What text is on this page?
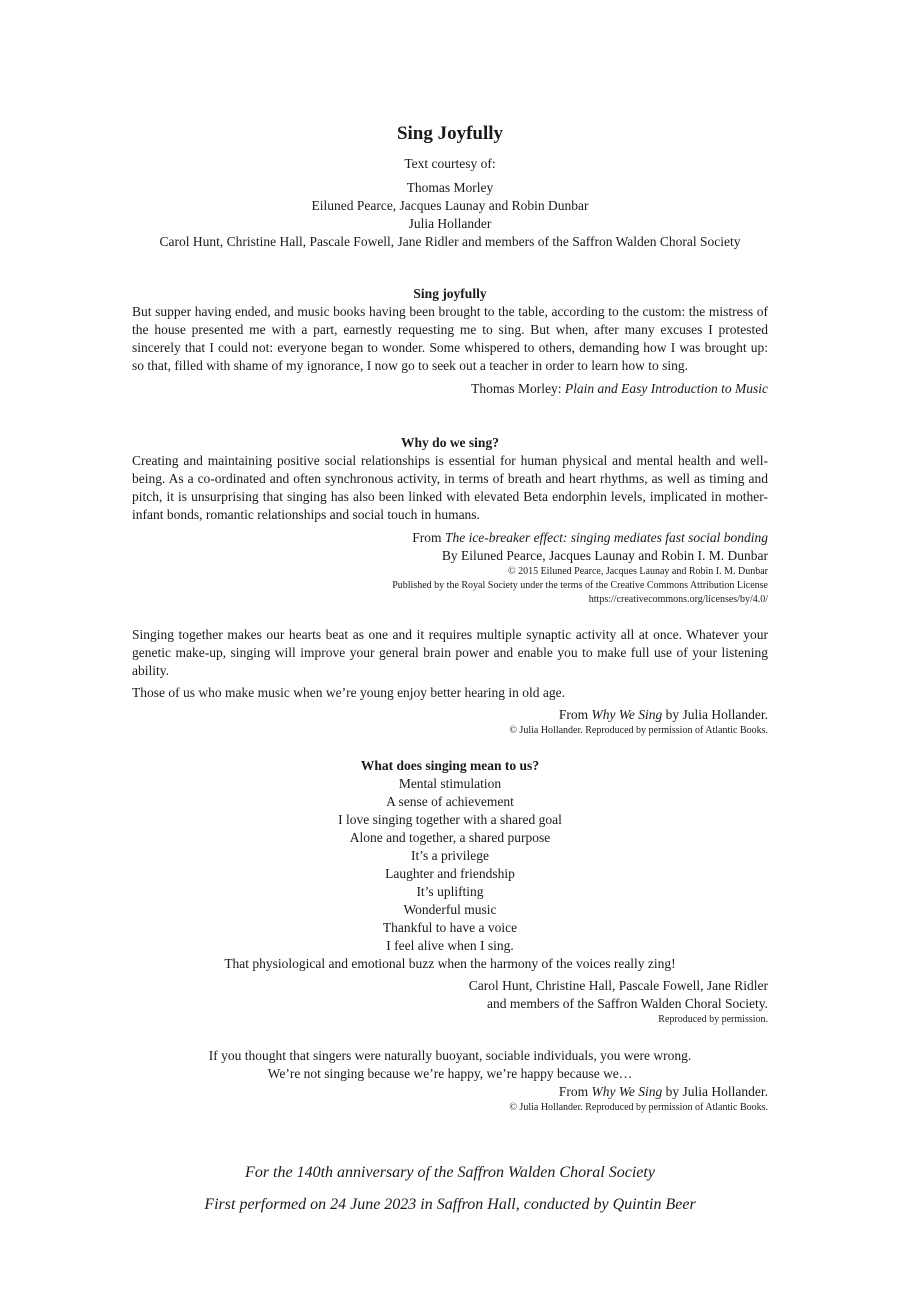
Sing Joyfully
Text courtesy of:
Thomas Morley
Eiluned Pearce, Jacques Launay and Robin Dunbar
Julia Hollander
Carol Hunt, Christine Hall, Pascale Fowell, Jane Ridler and members of the Saffron Walden Choral Society
Sing joyfully

But supper having ended, and music books having been brought to the table, according to the custom: the mistress of the house presented me with a part, earnestly requesting me to sing. But when, after many excuses I protested sincerely that I could not: everyone began to wonder. Some whispered to others, demanding how I was brought up: so that, filled with shame of my ignorance, I now go to seek out a teacher in order to learn how to sing.

Thomas Morley: Plain and Easy Introduction to Music
Why do we sing?

Creating and maintaining positive social relationships is essential for human physical and mental health and well-being. As a co-ordinated and often synchronous activity, in terms of breath and heart rhythms, as well as timing and pitch, it is unsurprising that singing has also been linked with elevated Beta endorphin levels, implicated in mother-infant bonds, romantic relationships and social touch in humans.

From The ice-breaker effect: singing mediates fast social bonding
By Eiluned Pearce, Jacques Launay and Robin I. M. Dunbar
© 2015 Eiluned Pearce, Jacques Launay and Robin I. M. Dunbar
Published by the Royal Society under the terms of the Creative Commons Attribution License
https://creativecommons.org/licenses/by/4.0/

Singing together makes our hearts beat as one and it requires multiple synaptic activity all at once. Whatever your genetic make-up, singing will improve your general brain power and enable you to make full use of your listening ability.

Those of us who make music when we’re young enjoy better hearing in old age.

From Why We Sing by Julia Hollander.
© Julia Hollander. Reproduced by permission of Atlantic Books.
What does singing mean to us?
Mental stimulation
A sense of achievement
I love singing together with a shared goal
Alone and together, a shared purpose
It’s a privilege
Laughter and friendship
It’s uplifting
Wonderful music
Thankful to have a voice
I feel alive when I sing.
That physiological and emotional buzz when the harmony of the voices really zing!
Carol Hunt, Christine Hall, Pascale Fowell, Jane Ridler
and members of the Saffron Walden Choral Society.
Reproduced by permission.
If you thought that singers were naturally buoyant, sociable individuals, you were wrong.
We’re not singing because we’re happy, we’re happy because we…
From Why We Sing by Julia Hollander.
© Julia Hollander. Reproduced by permission of Atlantic Books.
For the 140th anniversary of the Saffron Walden Choral Society
First performed on 24 June 2023 in Saffron Hall, conducted by Quintin Beer
